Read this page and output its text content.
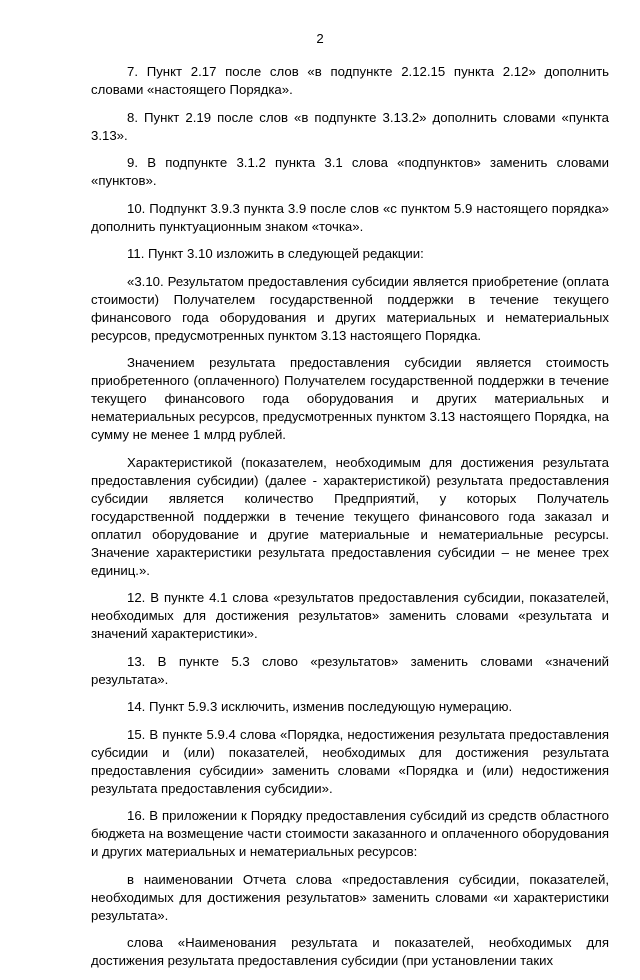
2

7. Пункт 2.17 после слов «в подпункте 2.12.15 пункта 2.12» дополнить словами «настоящего Порядка».

8. Пункт 2.19 после слов «в подпункте 3.13.2» дополнить словами «пункта 3.13».

9. В подпункте 3.1.2 пункта 3.1 слова «подпунктов» заменить словами «пунктов».

10. Подпункт 3.9.3 пункта 3.9 после слов «с пунктом 5.9 настоящего порядка» дополнить пунктуационным знаком «точка».

11. Пункт 3.10 изложить в следующей редакции:

«3.10. Результатом предоставления субсидии является приобретение (оплата стоимости) Получателем государственной поддержки в течение текущего финансового года оборудования и других материальных и нематериальных ресурсов, предусмотренных пунктом 3.13 настоящего Порядка.

Значением результата предоставления субсидии является стоимость приобретенного (оплаченного) Получателем государственной поддержки в течение текущего финансового года оборудования и других материальных и нематериальных ресурсов, предусмотренных пунктом 3.13 настоящего Порядка, на сумму не менее 1 млрд рублей.

Характеристикой (показателем, необходимым для достижения результата предоставления субсидии) (далее - характеристикой) результата предоставления субсидии является количество Предприятий, у которых Получатель государственной поддержки в течение текущего финансового года заказал и оплатил оборудование и другие материальные и нематериальные ресурсы. Значение характеристики результата предоставления субсидии – не менее трех единиц.».

12. В пункте 4.1 слова «результатов предоставления субсидии, показателей, необходимых для достижения результатов» заменить словами «результата и значений характеристики».

13. В пункте 5.3 слово «результатов» заменить словами «значений результата».

14. Пункт 5.9.3 исключить, изменив последующую нумерацию.

15. В пункте 5.9.4 слова «Порядка, недостижения результата предоставления субсидии и (или) показателей, необходимых для достижения результата предоставления субсидии» заменить словами «Порядка и (или) недостижения результата предоставления субсидии».

16. В приложении к Порядку предоставления субсидий из средств областного бюджета на возмещение части стоимости заказанного и оплаченного оборудования и других материальных и нематериальных ресурсов:

в наименовании Отчета слова «предоставления субсидии, показателей, необходимых для достижения результатов» заменить словами «и характеристики результата».

слова «Наименования результата и показателей, необходимых для достижения результата предоставления субсидии (при установлении таких
